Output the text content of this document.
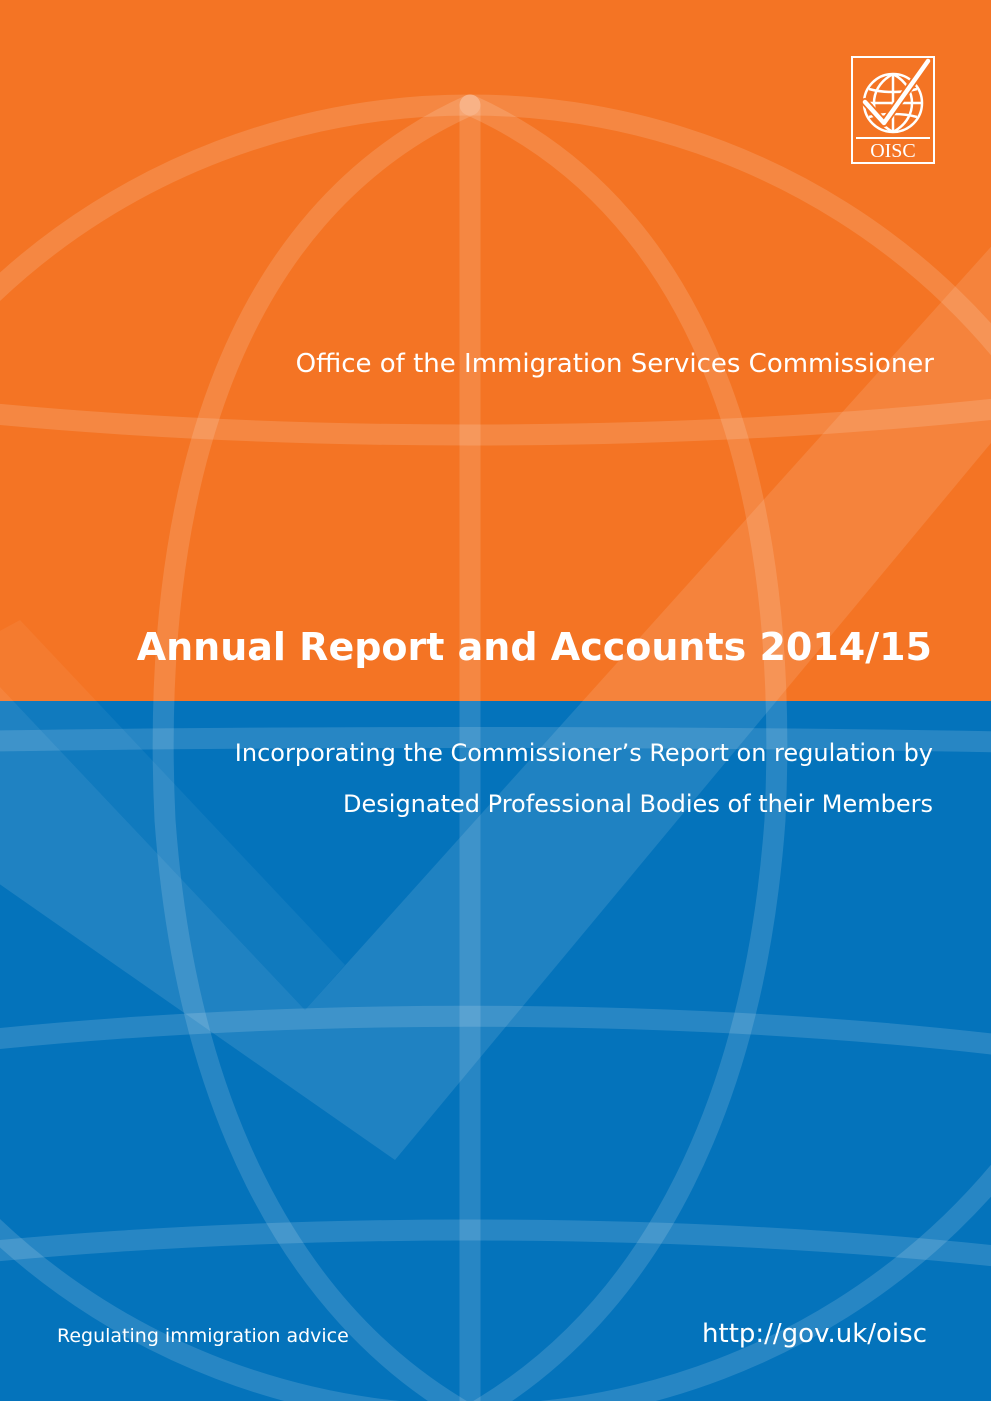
OISC
Office of the Immigration Services Commissioner
Annual Report and Accounts 2014/15
Incorporating the Commissioner’s Report on regulation by
Designated Professional Bodies of their Members
Regulating immigration advice	http://gov.uk/oisc
